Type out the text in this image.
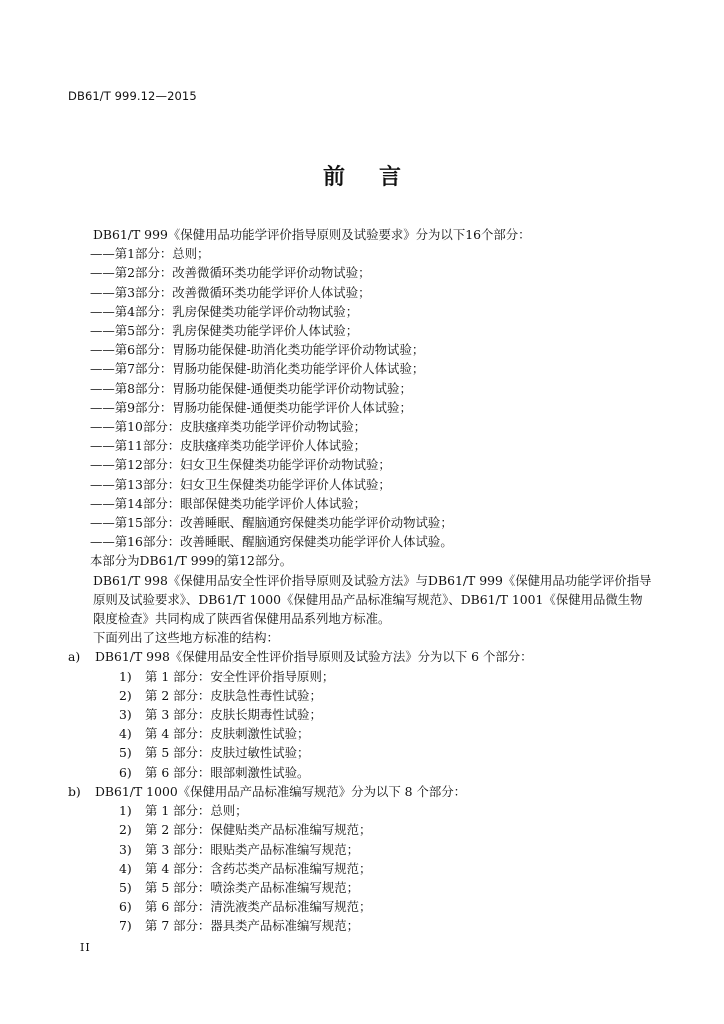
DB61/T 999.12—2015
前言
DB61/T 999《保健用品功能学评价指导原则及试验要求》分为以下16个部分：
——第1部分：总则；
——第2部分：改善微循环类功能学评价动物试验；
——第3部分：改善微循环类功能学评价人体试验；
——第4部分：乳房保健类功能学评价动物试验；
——第5部分：乳房保健类功能学评价人体试验；
——第6部分：胃肠功能保健-助消化类功能学评价动物试验；
——第7部分：胃肠功能保健-助消化类功能学评价人体试验；
——第8部分：胃肠功能保健-通便类功能学评价动物试验；
——第9部分：胃肠功能保健-通便类功能学评价人体试验；
——第10部分：皮肤瘙痒类功能学评价动物试验；
——第11部分：皮肤瘙痒类功能学评价人体试验；
——第12部分：妇女卫生保健类功能学评价动物试验；
——第13部分：妇女卫生保健类功能学评价人体试验；
——第14部分：眼部保健类功能学评价人体试验；
——第15部分：改善睡眠、醒脑通窍保健类功能学评价动物试验；
——第16部分：改善睡眠、醒脑通窍保健类功能学评价人体试验。
本部分为DB61/T 999的第12部分。
DB61/T 998《保健用品安全性评价指导原则及试验方法》与DB61/T 999《保健用品功能学评价指导原则及试验要求》、DB61/T 1000《保健用品产品标准编写规范》、DB61/T 1001《保健用品微生物限度检查》共同构成了陕西省保健用品系列地方标准。
下面列出了这些地方标准的结构：
a)	DB61/T 998《保健用品安全性评价指导原则及试验方法》分为以下 6 个部分：
1)	第 1 部分：安全性评价指导原则；
2)	第 2 部分：皮肤急性毒性试验；
3)	第 3 部分：皮肤长期毒性试验；
4)	第 4 部分：皮肤刺激性试验；
5)	第 5 部分：皮肤过敏性试验；
6)	第 6 部分：眼部刺激性试验。
b)	DB61/T 1000《保健用品产品标准编写规范》分为以下 8 个部分：
1)	第 1 部分：总则；
2)	第 2 部分：保健贴类产品标准编写规范；
3)	第 3 部分：眼贴类产品标准编写规范；
4)	第 4 部分：含药芯类产品标准编写规范；
5)	第 5 部分：喷涂类产品标准编写规范；
6)	第 6 部分：清洗液类产品标准编写规范；
7)	第 7 部分：器具类产品标准编写规范；
II
